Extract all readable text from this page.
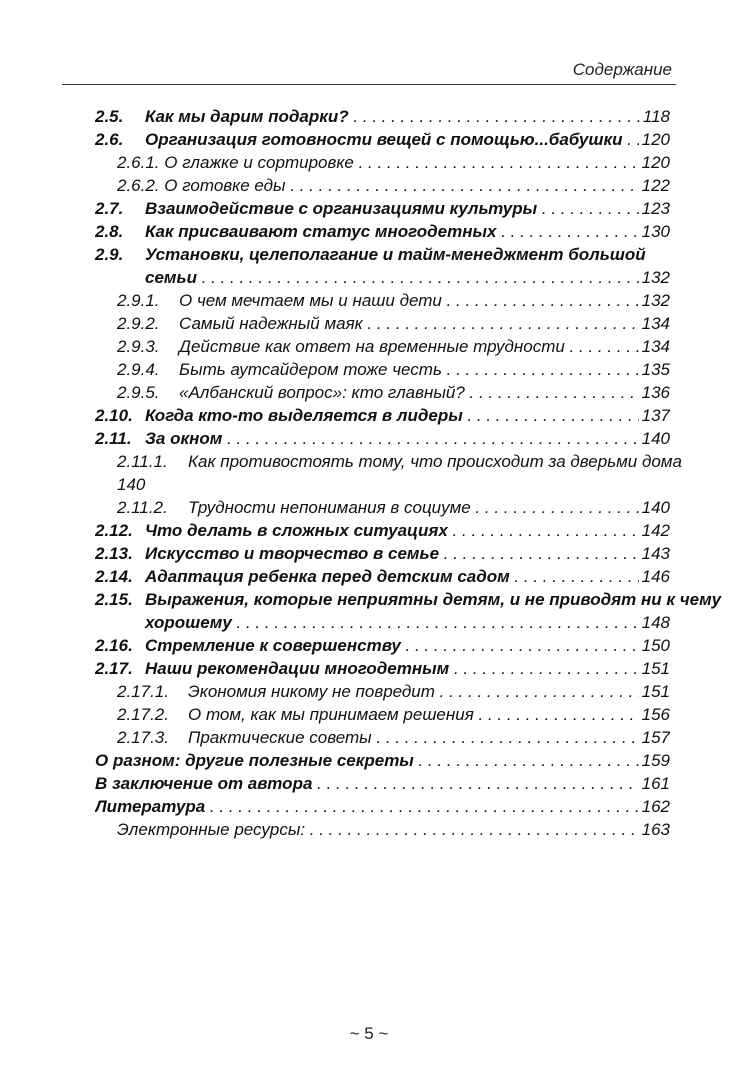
Содержание
2.5. Как мы дарим подарки? . . .	118
2.6. Организация готовности вещей с помощью...бабушки . . . 120
2.6.1. О глажке и сортировке . . .	120
2.6.2. О готовке еды . . .	122
2.7. Взаимодействие с организациями культуры . . .	123
2.8. Как присваивают статус многодетных . . .	130
2.9. Установки, целеполагание и тайм-менеджмент большой
семьи . . .	132
2.9.1. О чем мечтаем мы и наши дети . . .	132
2.9.2. Самый надежный маяк . . .	134
2.9.3. Действие как ответ на временные трудности . . .	134
2.9.4. Быть аутсайдером тоже честь . . .	135
2.9.5. «Албанский вопрос»: кто главный? . . .	136
2.10. Когда кто-то выделяется в лидеры . . .	137
2.11. За окном . . .	140
2.11.1. Как противостоять тому, что происходит за дверьми дома
140
2.11.2. Трудности непонимания в социуме . . .	140
2.12. Что делать в сложных ситуациях . . .	142
2.13. Искусство и творчество в семье . . .	143
2.14. Адаптация ребенка перед детским садом . . .	146
2.15. Выражения, которые неприятны детям, и не приводят ни к чему
хорошему . . .	148
2.16. Стремление к совершенству . . .	150
2.17. Наши рекомендации многодетным . . .	151
2.17.1. Экономия никому не повредит . . .	151
2.17.2. О том, как мы принимаем решения . . .	156
2.17.3. Практические советы . . .	157
О разном: другие полезные секреты . . .	159
В заключение от автора . . .	161
Литература . . .	162
Электронные ресурсы: . . .	163
~ 5 ~
